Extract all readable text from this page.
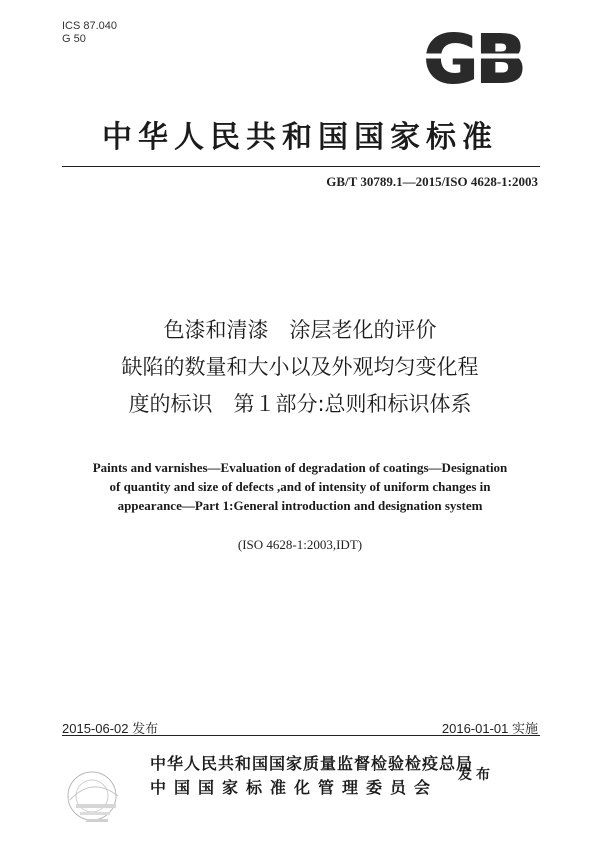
ICS 87.040
G 50	GB
中华人民共和国国家标准
GB/T 30789.1—2015/ISO 4628-1:2003
色漆和清漆　涂层老化的评价
缺陷的数量和大小以及外观均匀变化程
度的标识　第１部分:总则和标识体系
Paints and varnishes—Evaluation of degradation of coatings—Designation
of quantity and size of defects ,and of intensity of uniform changes in
appearance—Part 1:General introduction and designation system
(ISO 4628-1:2003,IDT)
2015-06-02 发布	2016-01-01 实施
中华人民共和国国家质量监督检验检疫总局
中国国家标准化管理委员会
发布
